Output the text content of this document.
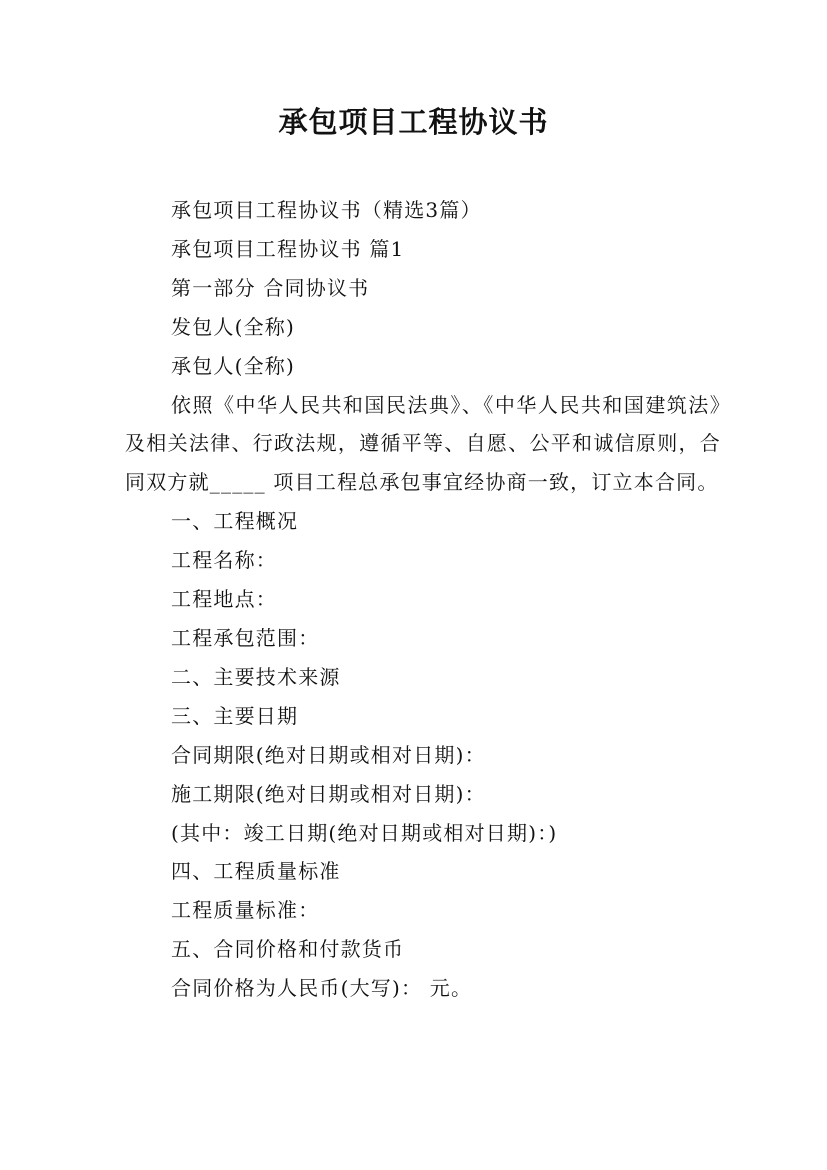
承包项目工程协议书

承包项目工程协议书（精选3篇）

承包项目工程协议书 篇1

第一部分 合同协议书

发包人(全称)

承包人(全称)

依照《中华人民共和国民法典》、《中华人民共和国建筑法》及相关法律、行政法规，遵循平等、自愿、公平和诚信原则，合同双方就_____ 项目工程总承包事宜经协商一致，订立本合同。

一、工程概况

工程名称：

工程地点：

工程承包范围：

二、主要技术来源

三、主要日期

合同期限(绝对日期或相对日期)：

施工期限(绝对日期或相对日期)：

(其中：竣工日期(绝对日期或相对日期)：)

四、工程质量标准

工程质量标准：

五、合同价格和付款货币

合同价格为人民币(大写)： 元。
